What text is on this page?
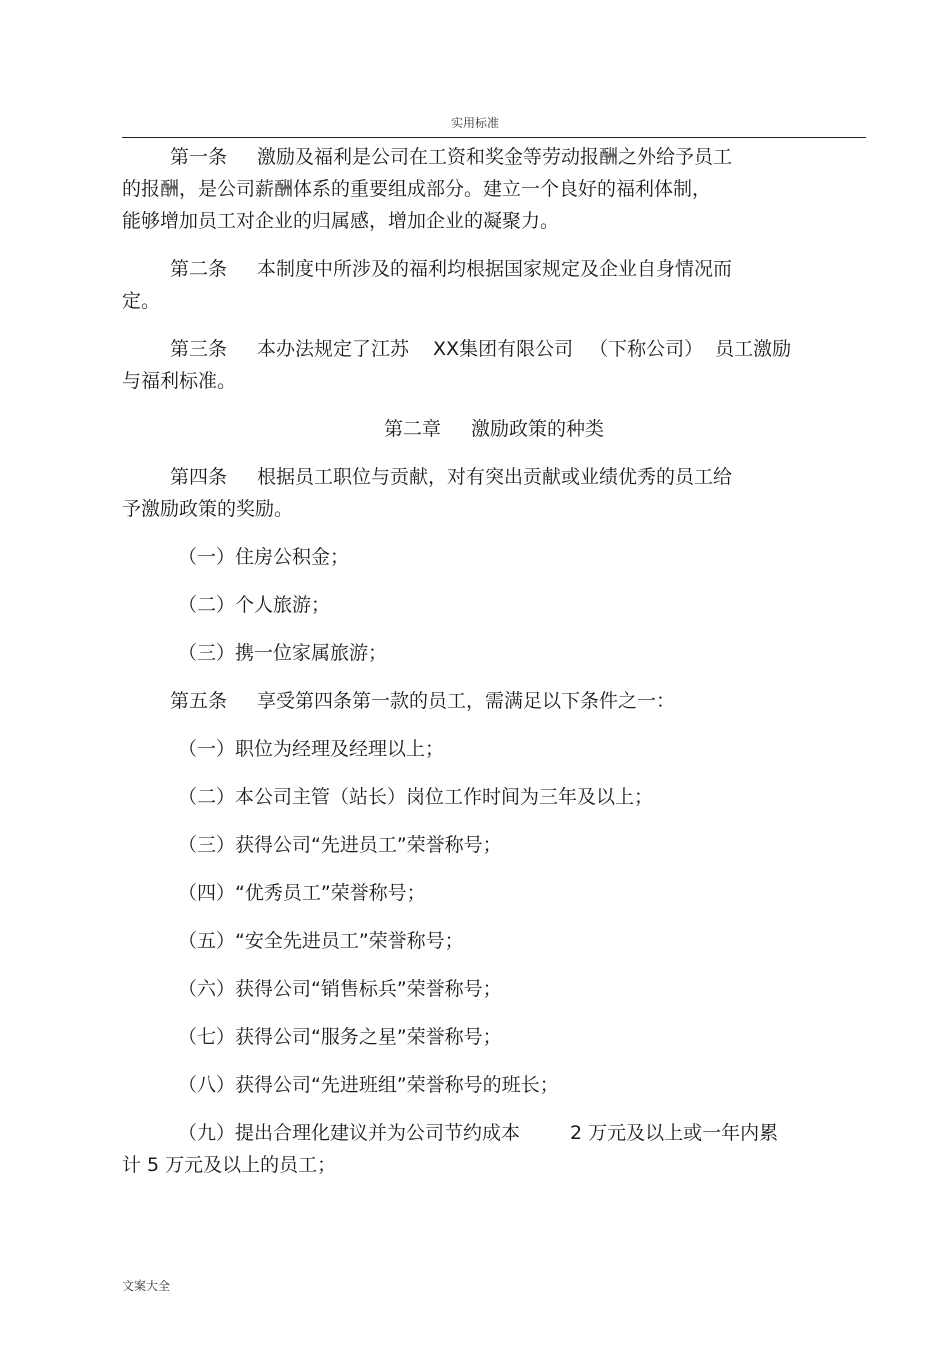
实用标准
第一条 激励及福利是公司在工资和奖金等劳动报酬之外给予员工
的报酬，是公司薪酬体系的重要组成部分。建立一个良好的福利体制，
能够增加员工对企业的归属感，增加企业的凝聚力。
第二条 本制度中所涉及的福利均根据国家规定及企业自身情况而
定。
第三条 本办法规定了江苏 XX集团有限公司 （下称公司） 员工激励
与福利标准。
第二章 激励政策的种类
第四条 根据员工职位与贡献，对有突出贡献或业绩优秀的员工给
予激励政策的奖励。
（一）住房公积金；
（二）个人旅游；
（三）携一位家属旅游；
第五条 享受第四条第一款的员工，需满足以下条件之一：
（一）职位为经理及经理以上；
（二）本公司主管（站长）岗位工作时间为三年及以上；
（三）获得公司“先进员工”荣誉称号；
（四）“优秀员工”荣誉称号；
（五）“安全先进员工”荣誉称号；
（六）获得公司“销售标兵”荣誉称号；
（七）获得公司“服务之星”荣誉称号；
（八）获得公司“先进班组”荣誉称号的班长；
（九）提出合理化建议并为公司节约成本	2 万元及以上或一年内累
计 5 万元及以上的员工；
文案大全
